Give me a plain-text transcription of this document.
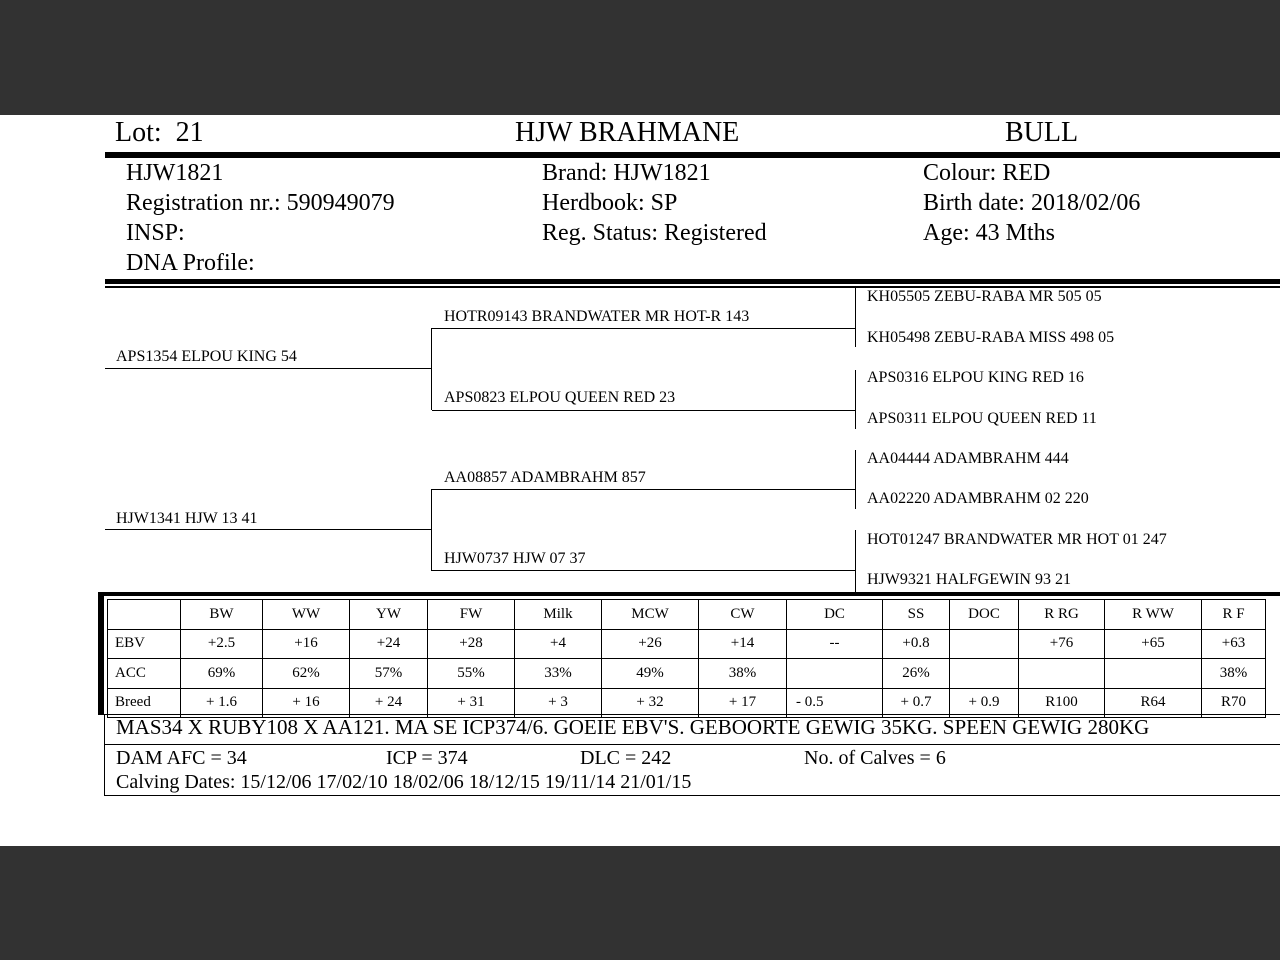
Lot: 21	HJW BRAHMANE	BULL
HJW1821
Registration nr.: 590949079
INSP:
DNA Profile:
Brand: HJW1821
Herdbook: SP
Reg. Status: Registered
Colour: RED
Birth date: 2018/02/06
Age: 43 Mths
APS1354 ELPOU KING 54
HJW1341 HJW 13 41
HOTR09143 BRANDWATER MR HOT-R 143
APS0823 ELPOU QUEEN RED 23
AA08857 ADAMBRAHM 857
HJW0737 HJW 07 37
KH05505 ZEBU-RABA MR 505 05
KH05498 ZEBU-RABA MISS 498 05
APS0316 ELPOU KING RED 16
APS0311 ELPOU QUEEN RED 11
AA04444 ADAMBRAHM 444
AA02220 ADAMBRAHM 02 220
HOT01247 BRANDWATER MR HOT 01 247
HJW9321 HALFGEWIN 93 21
	BW	WW	YW	FW	Milk	MCW	CW	DC	SS	DOC	R RG	R WW	R F
EBV	+2.5	+16	+24	+28	+4	+26	+14	--	+0.8		+76	+65	+63
ACC	69%	62%	57%	55%	33%	49%	38%		26%				38%
Breed	+ 1.6	+ 16	+ 24	+ 31	+ 3	+ 32	+ 17	- 0.5	+ 0.7	+ 0.9	R100	R64	R70
MAS34 X RUBY108 X AA121. MA SE ICP374/6. GOEIE EBV'S. GEBOORTE GEWIG 35KG. SPEEN GEWIG 280KG
DAM AFC = 34	ICP = 374	DLC = 242	No. of Calves = 6
Calving Dates: 15/12/06 17/02/10 18/02/06 18/12/15 19/11/14 21/01/15
